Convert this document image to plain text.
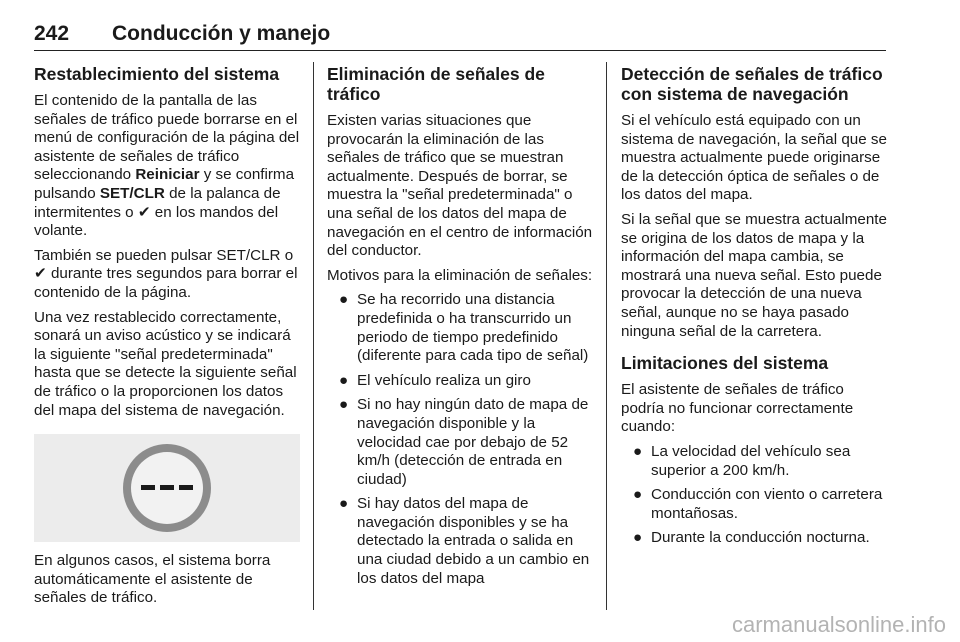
242 Conducción y manejo
Restablecimiento del sistema

El contenido de la pantalla de las señales de tráfico puede borrarse en el menú de configuración de la página del asistente de señales de tráfico seleccionando Reiniciar y se confirma pulsando SET/CLR de la palanca de intermitentes o ✔ en los mandos del volante.

También se pueden pulsar SET/CLR o ✔ durante tres segundos para borrar el contenido de la página.

Una vez restablecido correctamente, sonará un aviso acústico y se indicará la siguiente "señal predeterminada" hasta que se detecte la siguiente señal de tráfico o la proporcionen los datos del mapa del sistema de navegación.

En algunos casos, el sistema borra automáticamente el asistente de señales de tráfico.

Eliminación de señales de tráfico

Existen varias situaciones que provocarán la eliminación de las señales de tráfico que se muestran actualmente. Después de borrar, se muestra la "señal predeterminada" o una señal de los datos del mapa de navegación en el centro de información del conductor.

Motivos para la eliminación de señales:

● Se ha recorrido una distancia predefinida o ha transcurrido un periodo de tiempo predefinido (diferente para cada tipo de señal)
● El vehículo realiza un giro
● Si no hay ningún dato de mapa de navegación disponible y la velocidad cae por debajo de 52 km/h (detección de entrada en ciudad)
● Si hay datos del mapa de navegación disponibles y se ha detectado la entrada o salida en una ciudad debido a un cambio en los datos del mapa
Detección de señales de tráfico con sistema de navegación

Si el vehículo está equipado con un sistema de navegación, la señal que se muestra actualmente puede originarse de la detección óptica de señales o de los datos del mapa.

Si la señal que se muestra actualmente se origina de los datos de mapa y la información del mapa cambia, se mostrará una nueva señal. Esto puede provocar la detección de una nueva señal, aunque no se haya pasado ninguna señal de la carretera.

Limitaciones del sistema

El asistente de señales de tráfico podría no funcionar correctamente cuando:

● La velocidad del vehículo sea superior a 200 km/h.
● Conducción con viento o carretera montañosas.
● Durante la conducción nocturna.
carmanualsonline.info
